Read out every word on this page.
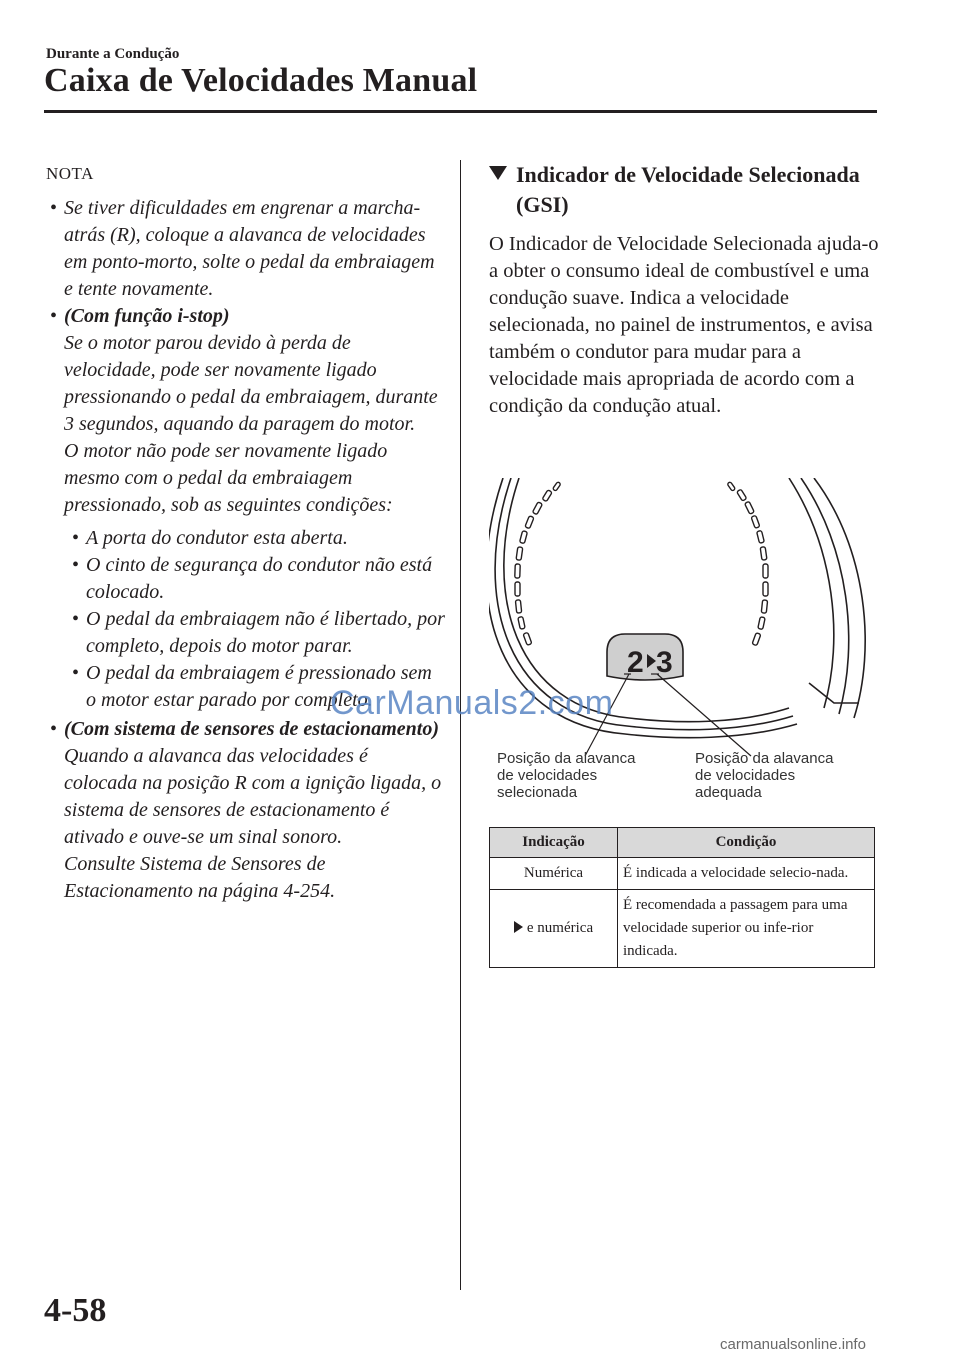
Durante a Condução
Caixa de Velocidades Manual
NOTA
• Se tiver dificuldades em engrenar a marcha-atrás (R), coloque a alavanca de velocidades em ponto-morto, solte o pedal da embraiagem e tente novamente.
• (Com função i-stop)
Se o motor parou devido à perda de velocidade, pode ser novamente ligado pressionando o pedal da embraiagem, durante 3 segundos, aquando da paragem do motor.
O motor não pode ser novamente ligado mesmo com o pedal da embraiagem pressionado, sob as seguintes condições:
• A porta do condutor esta aberta.
• O cinto de segurança do condutor não está colocado.
• O pedal da embraiagem não é libertado, por completo, depois do motor parar.
• O pedal da embraiagem é pressionado sem o motor estar parado por completo.
• (Com sistema de sensores de estacionamento)
Quando a alavanca das velocidades é colocada na posição R com a ignição ligada, o sistema de sensores de estacionamento é ativado e ouve-se um sinal sonoro.
Consulte Sistema de Sensores de Estacionamento na página 4-254.
Indicador de Velocidade Selecionada (GSI)
O Indicador de Velocidade Selecionada ajuda-o a obter o consumo ideal de combustível e uma condução suave. Indica a velocidade selecionada, no painel de instrumentos, e avisa também o condutor para mudar para a velocidade mais apropriada de acordo com a condição da condução atual.
2 3
Posição da alavanca
de velocidades
selecionada
Posição da alavanca
de velocidades
adequada
Indicação	Condição
Numérica	É indicada a velocidade selecio-nada.
e numérica	É recomendada a passagem para uma velocidade superior ou infe-rior indicada.
CarManuals2.com
4-58
carmanualsonline.info
